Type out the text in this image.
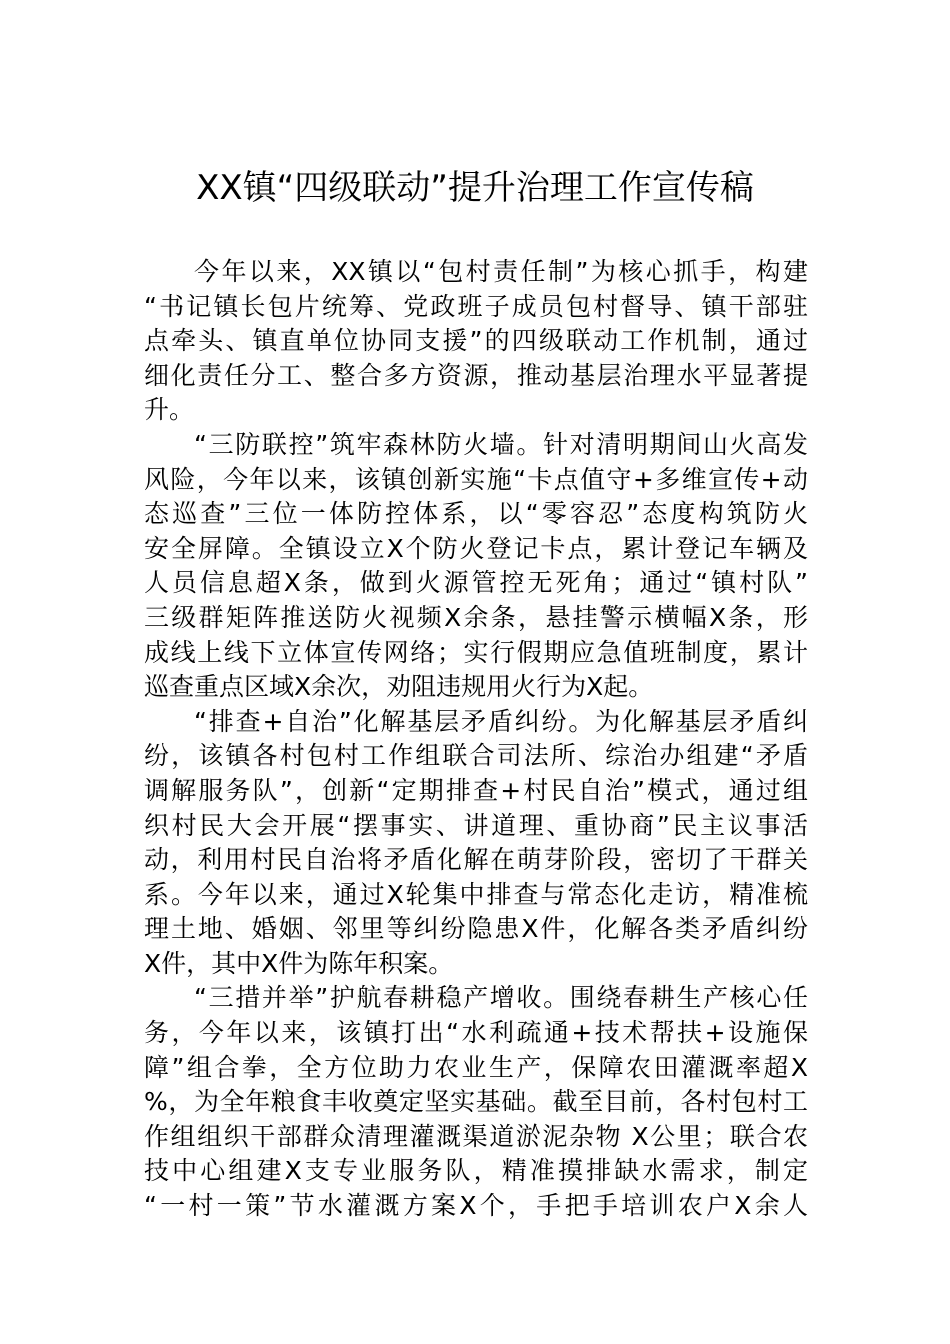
XX镇“四级联动”提升治理工作宣传稿
今年以来，XX镇以“包村责任制”为核心抓手，构建
“书记镇长包片统筹、党政班子成员包村督导、镇干部驻
点牵头、镇直单位协同支援”的四级联动工作机制，通过
细化责任分工、整合多方资源，推动基层治理水平显著提
升。
“三防联控”筑牢森林防火墙。针对清明期间山火高发
风险，今年以来，该镇创新实施“卡点值守+多维宣传+动
态巡查”三位一体防控体系，以“零容忍”态度构筑防火
安全屏障。全镇设立X个防火登记卡点，累计登记车辆及
人员信息超X条，做到火源管控无死角；通过“镇村队”
三级群矩阵推送防火视频X余条，悬挂警示横幅X条，形
成线上线下立体宣传网络；实行假期应急值班制度，累计
巡查重点区域X余次，劝阻违规用火行为X起。
“排查+自治”化解基层矛盾纠纷。为化解基层矛盾纠
纷，该镇各村包村工作组联合司法所、综治办组建“矛盾
调解服务队”，创新“定期排查+村民自治”模式，通过组
织村民大会开展“摆事实、讲道理、重协商”民主议事活
动，利用村民自治将矛盾化解在萌芽阶段，密切了干群关
系。今年以来，通过X轮集中排查与常态化走访，精准梳
理土地、婚姻、邻里等纠纷隐患X件，化解各类矛盾纠纷
X件，其中X件为陈年积案。
“三措并举”护航春耕稳产增收。围绕春耕生产核心任
务，今年以来，该镇打出“水利疏通+技术帮扶+设施保
障”组合拳，全方位助力农业生产，保障农田灌溉率超X
%，为全年粮食丰收奠定坚实基础。截至目前，各村包村工
作组组织干部群众清理灌溉渠道淤泥杂物 X公里；联合农
技中心组建X支专业服务队，精准摸排缺水需求，制定
“一村一策”节水灌溉方案X个，手把手培训农户X余人
